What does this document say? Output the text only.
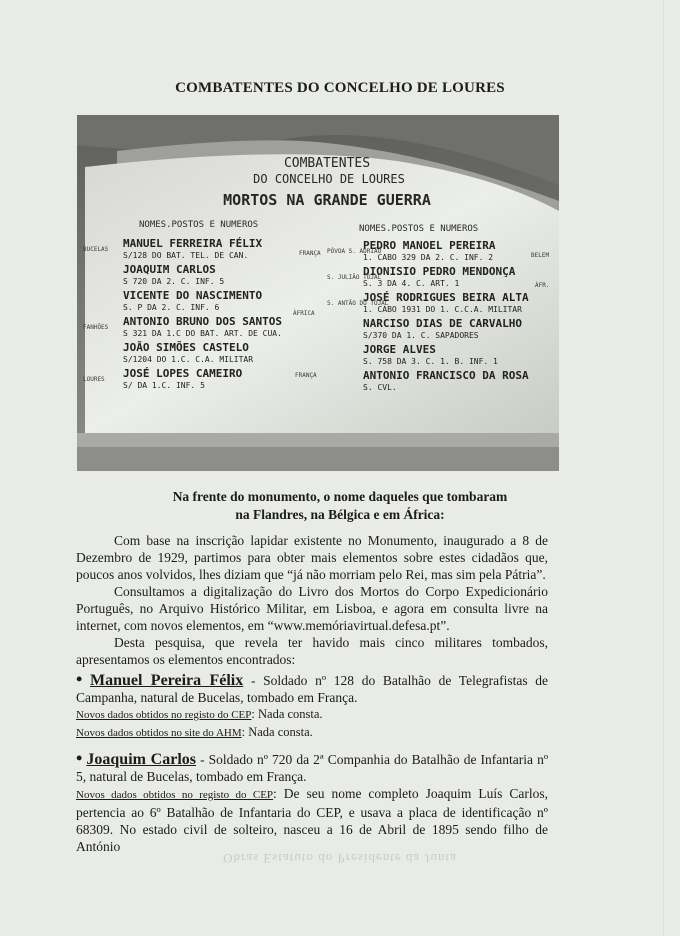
COMBATENTES DO CONCELHO DE LOURES
COMBATENTES
DO CONCELHO DE LOURES
MORTOS NA GRANDE GUERRA
NOMES.POSTOS E NUMEROS	NOMES.POSTOS E NUMEROS
BUCELAS MANUEL FERREIRA FÉLIX
S/128 DO BAT. TEL. DE CAN.
JOAQUIM CARLOS
S 720 DA 2. C. INF. 5
VICENTE DO NASCIMENTO
S. P DA 2. C. INF. 6
FANHÕES ANTONIO BRUNO DOS SANTOS
S 321 DA 1.C DO BAT. ART. DE CUA.
JOÃO SIMÕES CASTELO
S/1204 DO 1.C. C.A. MILITAR
LOURES JOSÉ LOPES CAMEIRO
S/ DA 1.C. INF. 5
PÓVOA S. ADRIÃO
PEDRO MANOEL PEREIRA
1. CABO 329 DA 2. C. INF. 2
S. JULIÃO TOJAL
DIONISIO PEDRO MENDONÇA
S. 3 DA 4. C. ART. 1
S. ANTÃO DO TOJAL
JOSÉ RODRIGUES BEIRA ALTA
1. CABO 1931 DO 1. C.C.A. MILITAR
NARCISO DIAS DE CARVALHO
S/370 DA 1. C. SAPADORES
JORGE ALVES
S. 758 DA 3. C. 1. B. INF. 1
ANTONIO FRANCISCO DA ROSA
S. CVL.
FRANÇA
ÁFRICA
FRANÇA
BELEM
ÁFR.
Na frente do monumento, o nome daqueles que tombaram
na Flandres, na Bélgica e em África:

Com base na inscrição lapidar existente no Monumento, inaugurado a 8 de Dezembro de 1929, partimos para obter mais elementos sobre estes cidadãos que, poucos anos volvidos, lhes diziam que “já não morriam pelo Rei, mas sim pela Pátria”.

Consultamos a digitalização do Livro dos Mortos do Corpo Expedicionário Português, no Arquivo Histórico Militar, em Lisboa, e agora em consulta livre na internet, com novos elementos, em “www.memóriavirtual.defesa.pt”.

Desta pesquisa, que revela ter havido mais cinco militares tombados, apresentamos os elementos encontrados:

• Manuel Pereira Félix - Soldado nº 128 do Batalhão de Telegrafistas de Campanha, natural de Bucelas, tombado em França.

Novos dados obtidos no registo do CEP: Nada consta.

Novos dados obtidos no site do AHM: Nada consta.

• Joaquim Carlos - Soldado nº 720 da 2ª Companhia do Batalhão de Infantaria nº 5, natural de Bucelas, tombado em França.

Novos dados obtidos no registo do CEP: De seu nome completo Joaquim Luís Carlos, pertencia ao 6º Batalhão de Infantaria do CEP, e usava a placa de identificação nº 68309. No estado civil de solteiro, nasceu a 16 de Abril de 1895 sendo filho de António

Obras Estatuto do Presidente da Junta
